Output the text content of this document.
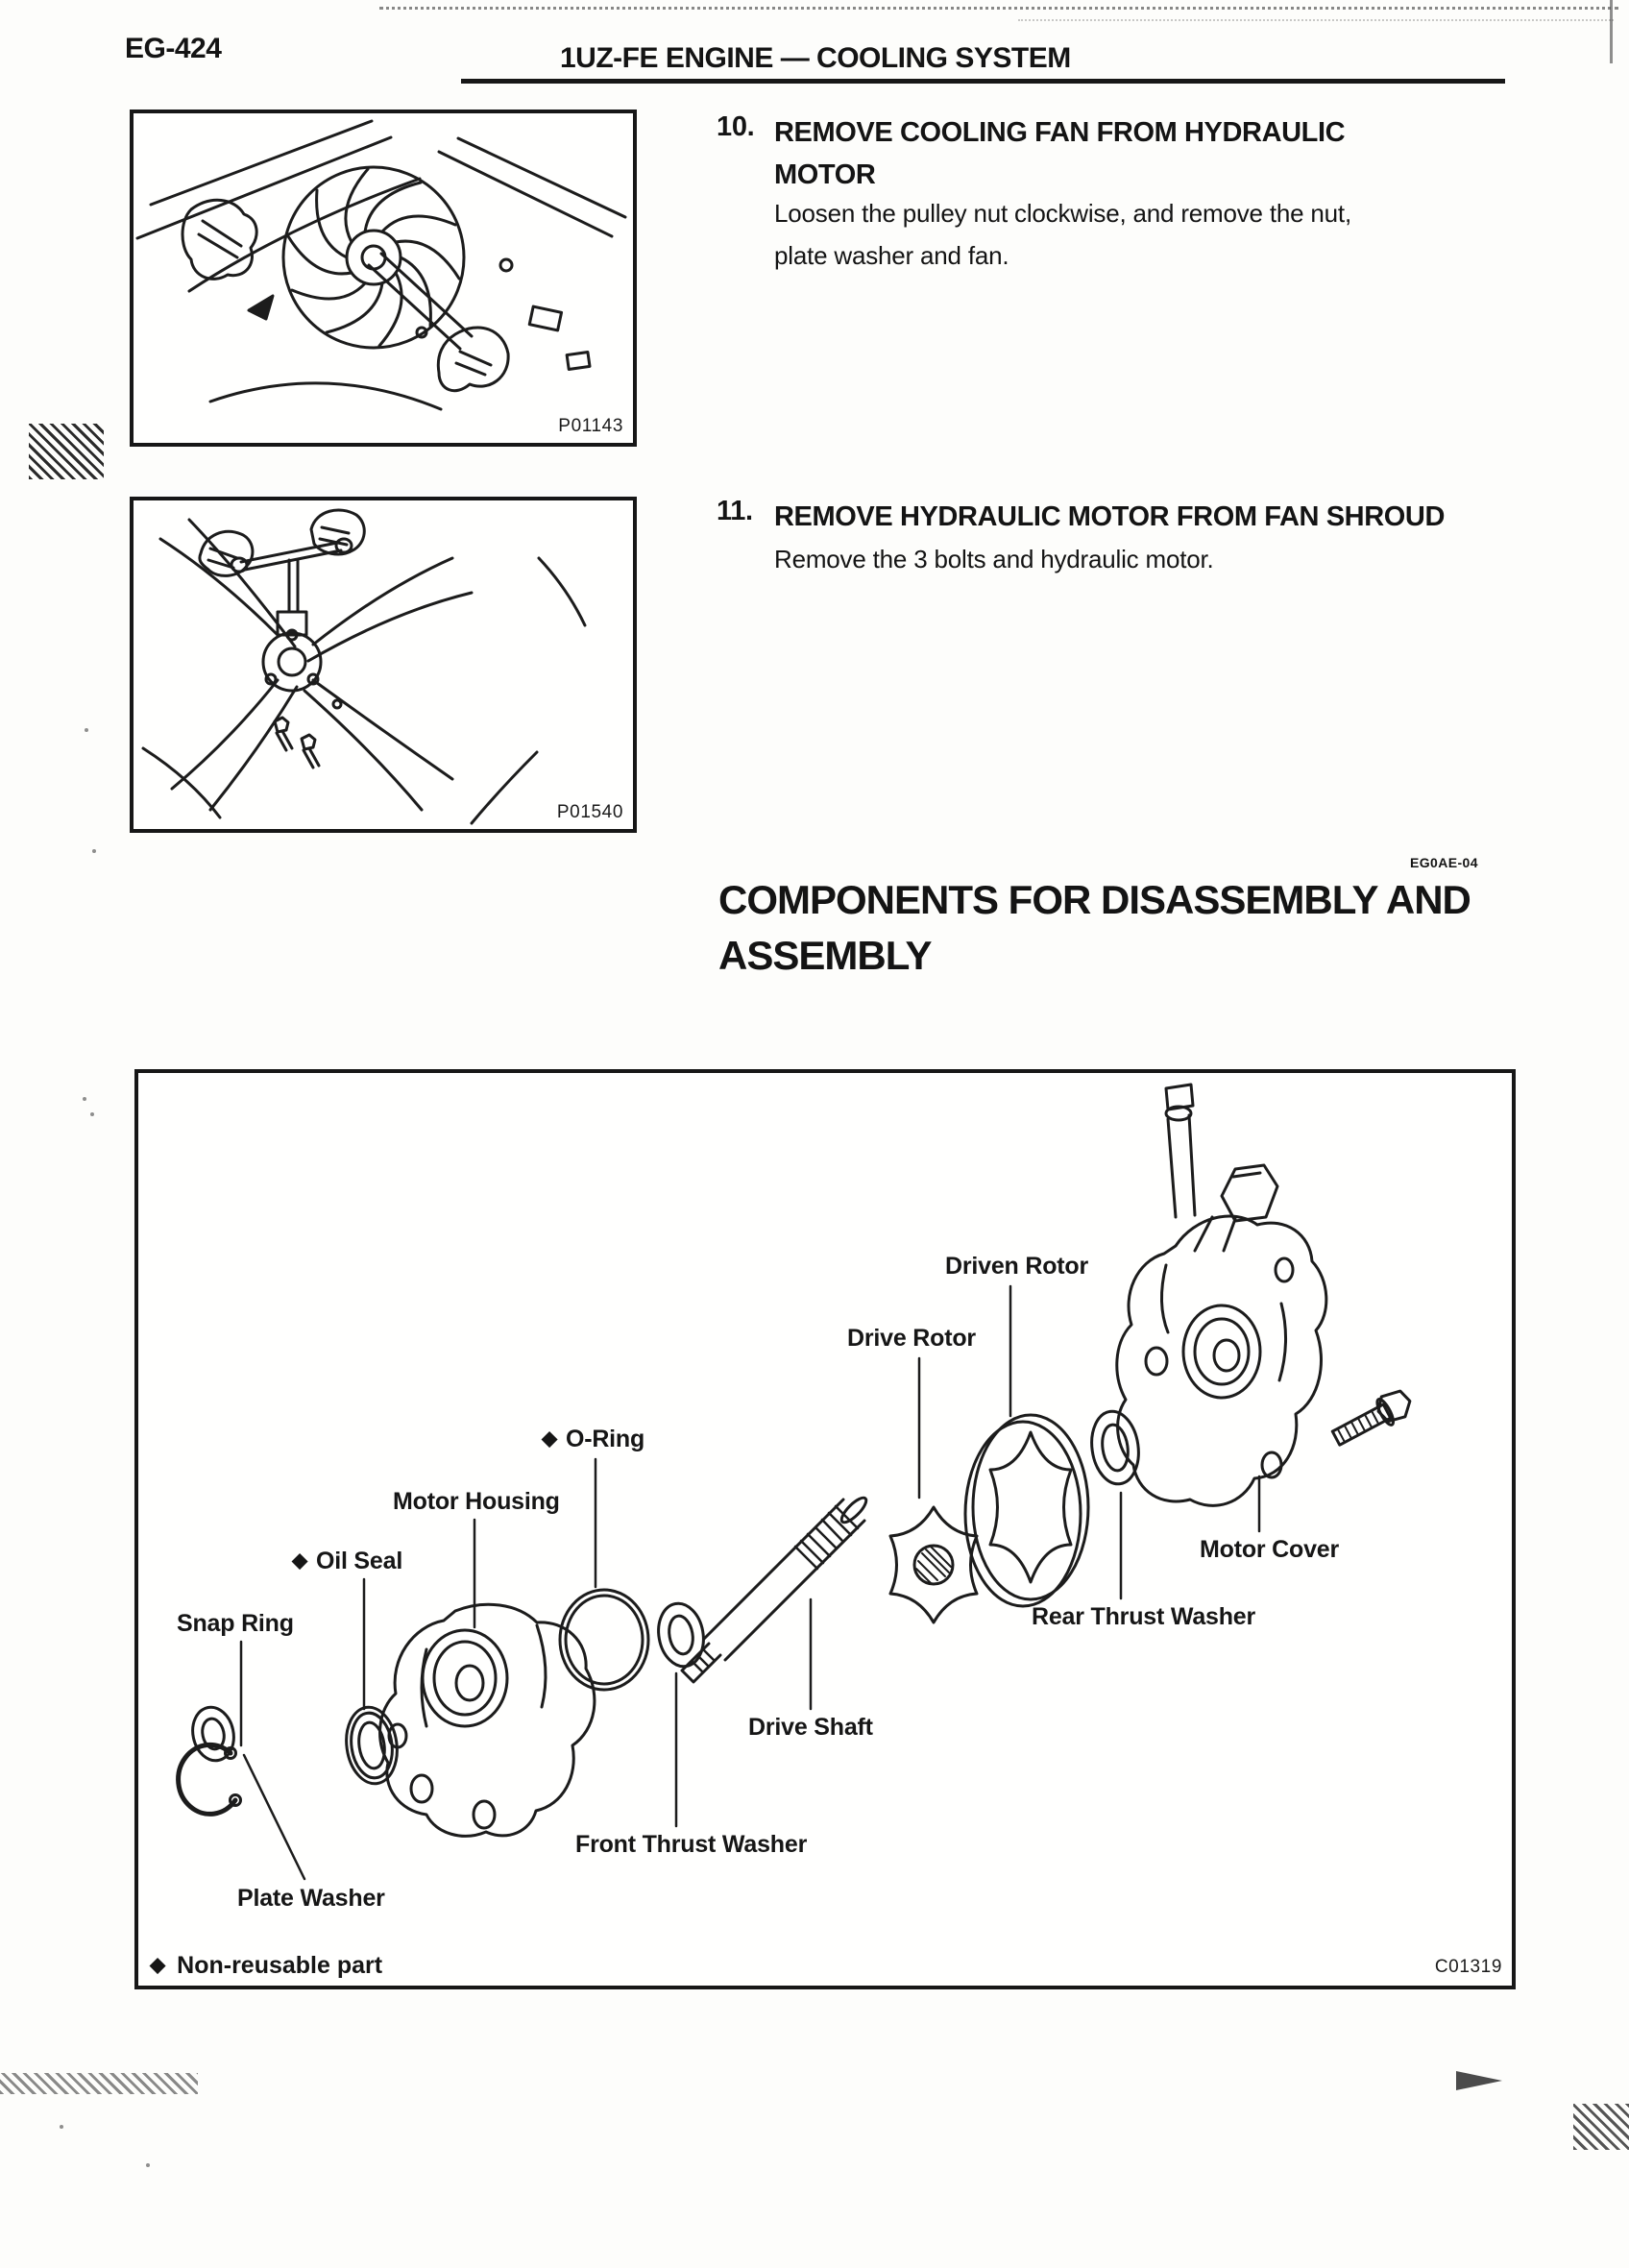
EG-424	1UZ-FE ENGINE — COOLING SYSTEM
P01143
10. REMOVE COOLING FAN FROM HYDRAULIC
MOTOR
Loosen the pulley nut clockwise, and remove the nut,
plate washer and fan.
P01540
11. REMOVE HYDRAULIC MOTOR FROM FAN SHROUD
Remove the 3 bolts and hydraulic motor.
EG0AE-04
COMPONENTS FOR DISASSEMBLY AND
ASSEMBLY
Driven Rotor
Drive Rotor
◆ O-Ring
Motor Housing
◆ Oil Seal
Snap Ring
Motor Cover
Rear Thrust Washer
Drive Shaft
Front Thrust Washer
Plate Washer
◆ Non-reusable part	C01319
